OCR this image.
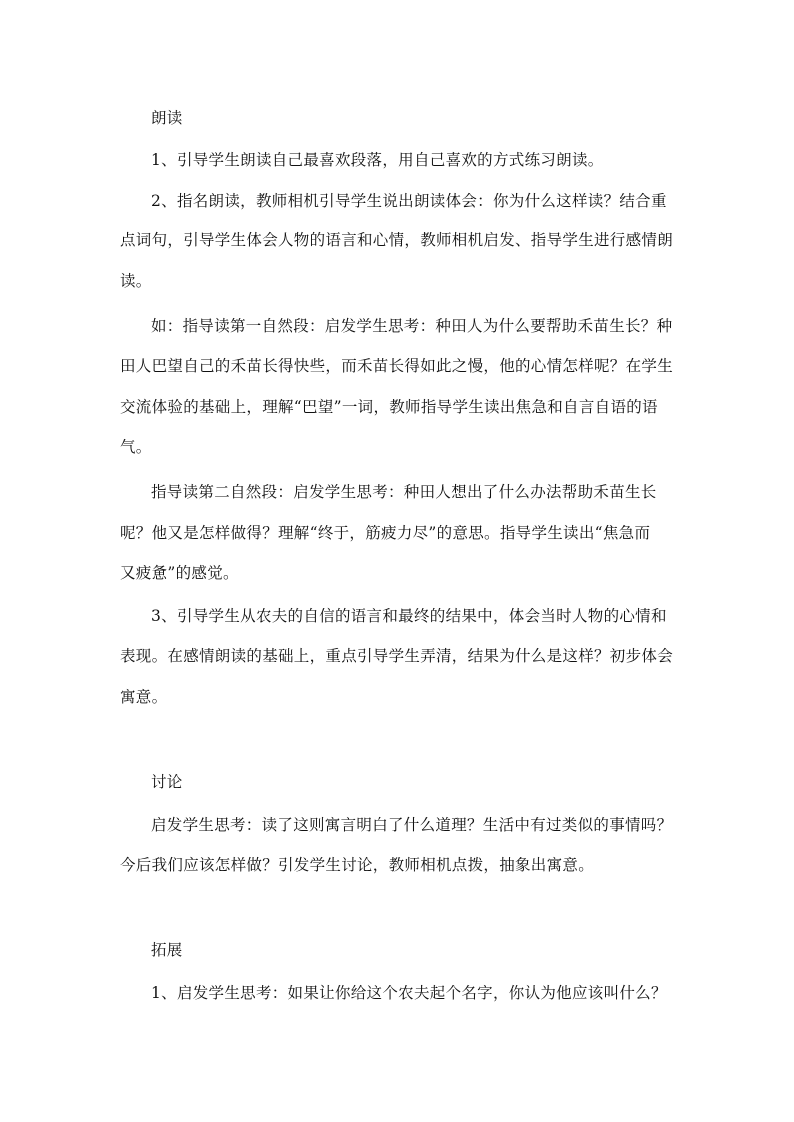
朗读
1、引导学生朗读自己最喜欢段落，用自己喜欢的方式练习朗读。
2、指名朗读，教师相机引导学生说出朗读体会：你为什么这样读？结合重
点词句，引导学生体会人物的语言和心情，教师相机启发、指导学生进行感情朗
读。
如：指导读第一自然段：启发学生思考：种田人为什么要帮助禾苗生长？种
田人巴望自己的禾苗长得快些，而禾苗长得如此之慢，他的心情怎样呢？在学生
交流体验的基础上，理解“巴望”一词，教师指导学生读出焦急和自言自语的语
气。
指导读第二自然段：启发学生思考：种田人想出了什么办法帮助禾苗生长
呢？他又是怎样做得？理解“终于，筋疲力尽”的意思。指导学生读出“焦急而
又疲惫”的感觉。
3、引导学生从农夫的自信的语言和最终的结果中，体会当时人物的心情和
表现。在感情朗读的基础上，重点引导学生弄清，结果为什么是这样？初步体会
寓意。
讨论
启发学生思考：读了这则寓言明白了什么道理？生活中有过类似的事情吗？
今后我们应该怎样做？引发学生讨论，教师相机点拨，抽象出寓意。
拓展
1、启发学生思考：如果让你给这个农夫起个名字，你认为他应该叫什么？
